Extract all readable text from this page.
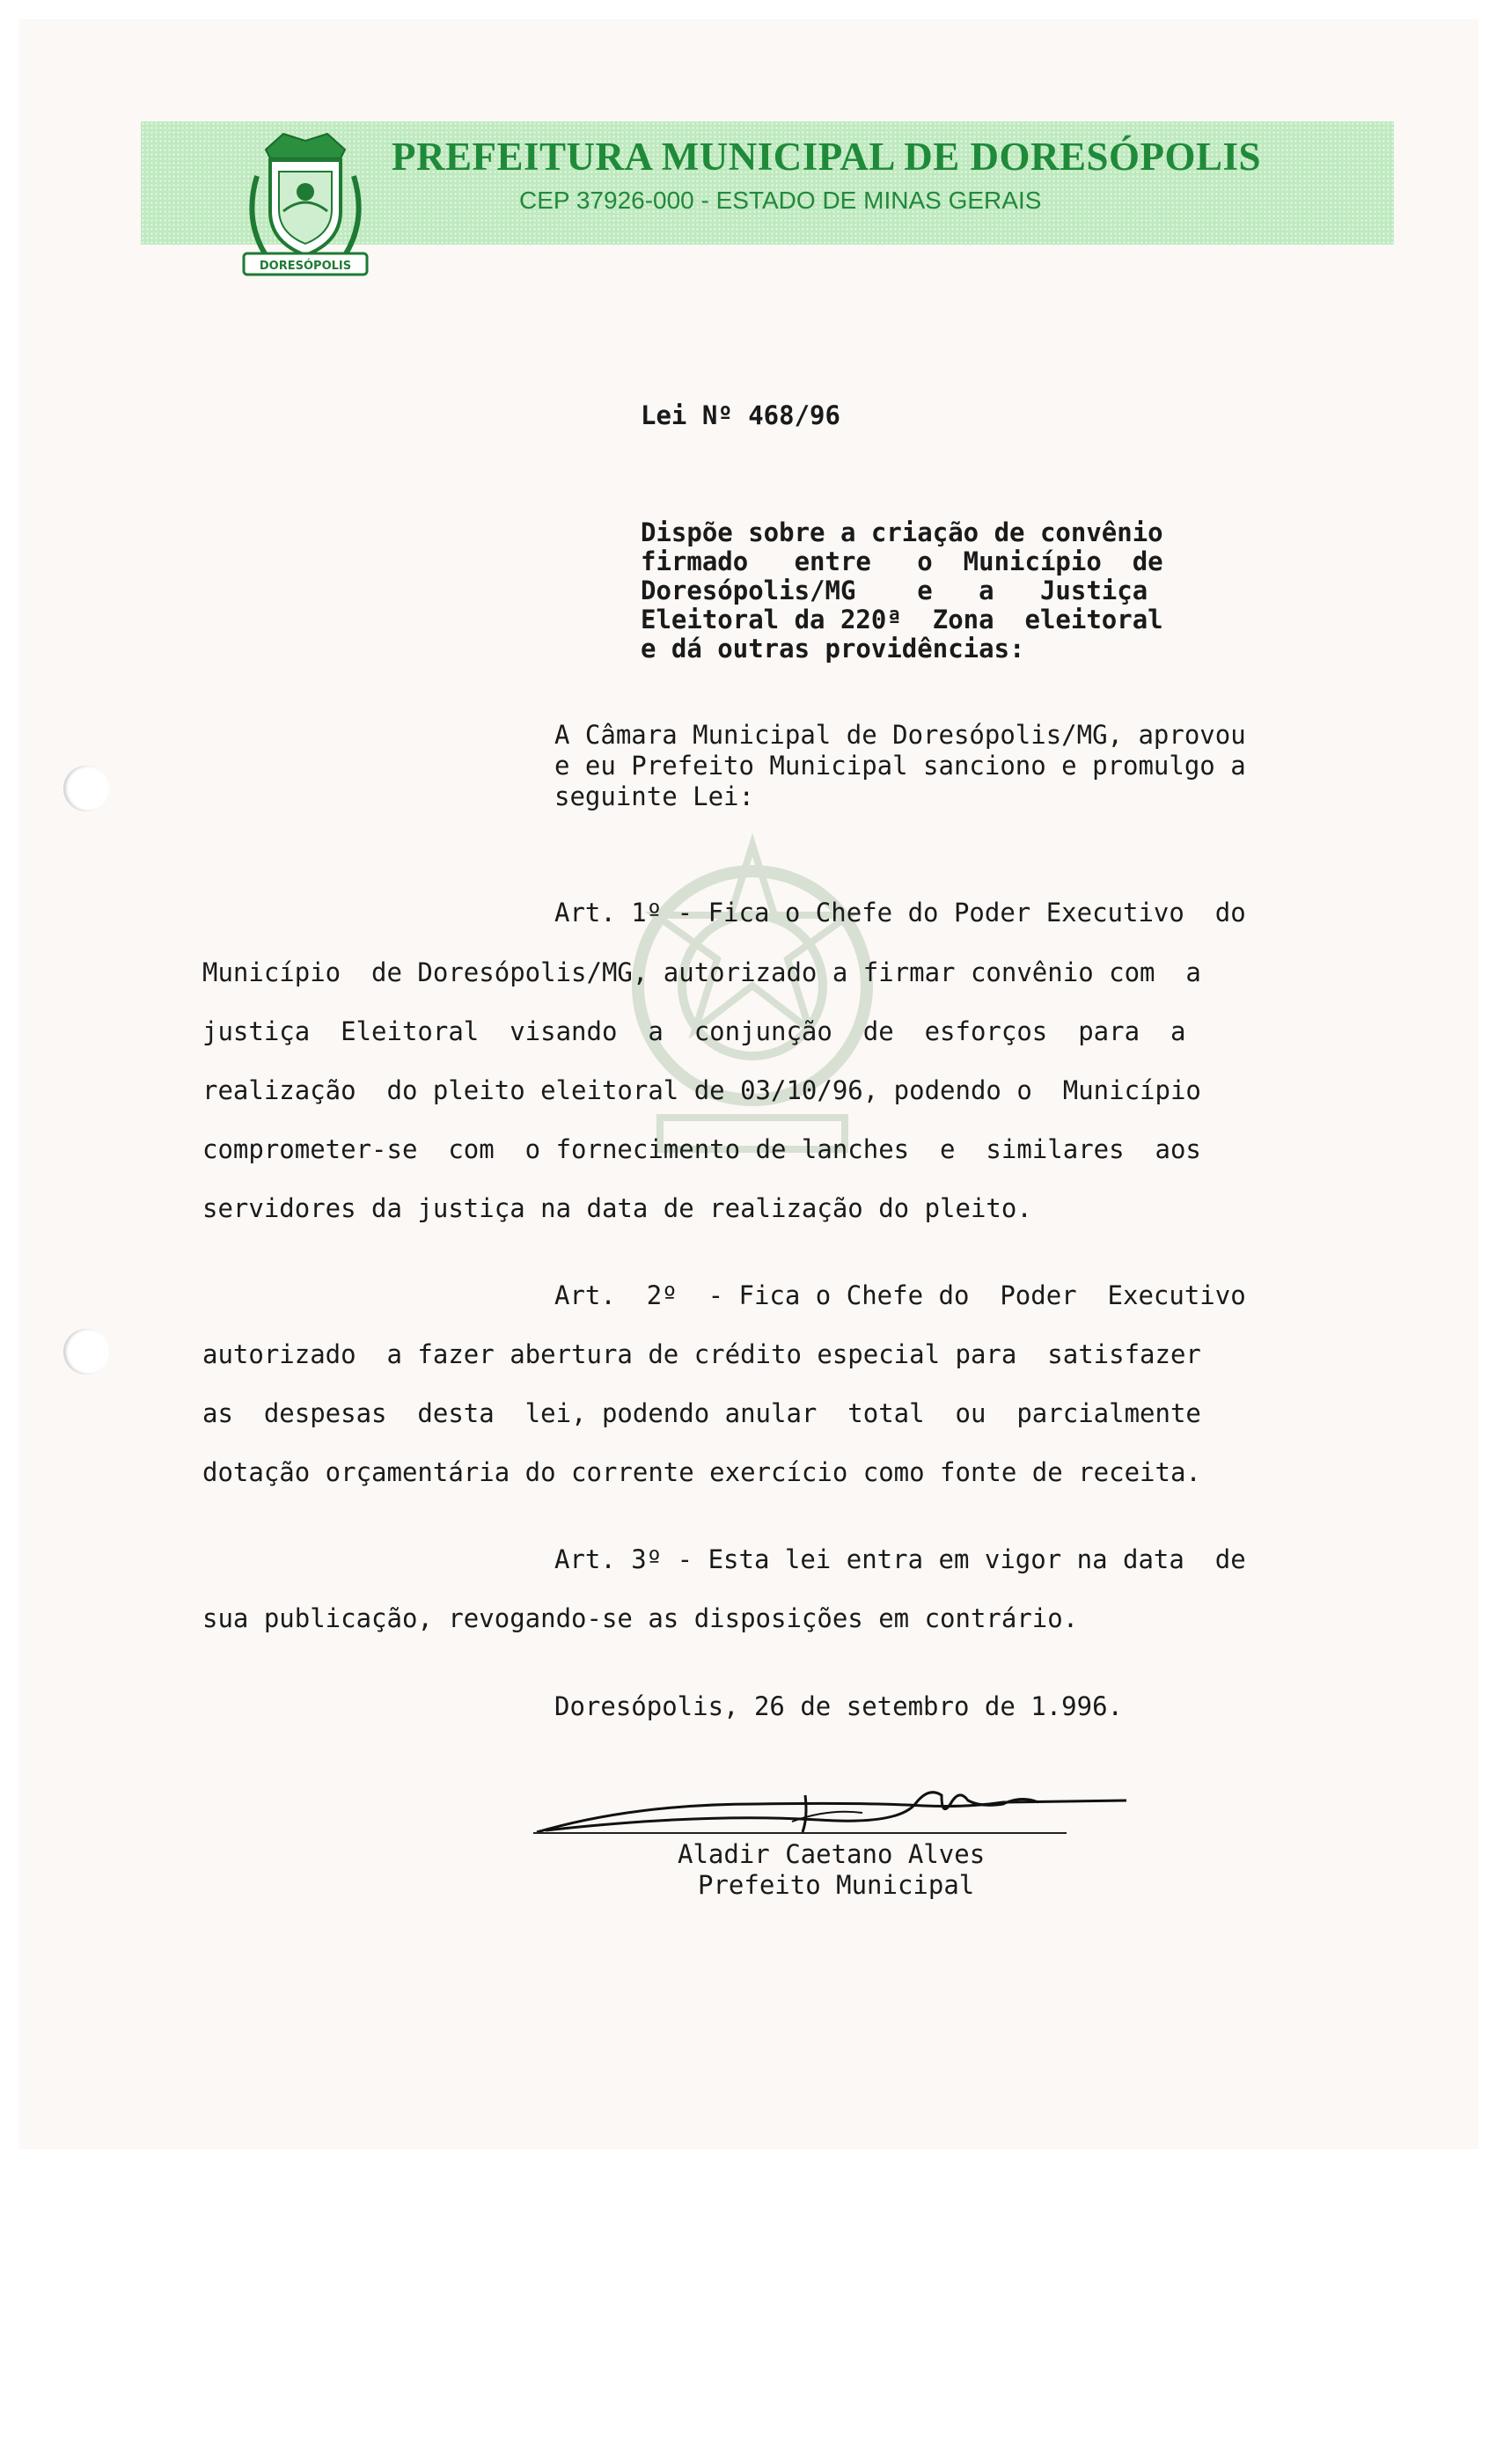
DORESÓPOLIS
PREFEITURA MUNICIPAL DE DORESÓPOLIS
CEP 37926-000 - ESTADO DE MINAS GERAIS

Lei Nº 468/96

Dispõe sobre a criação de convênio

firmado   entre   o  Município  de

Doresópolis/MG    e   a   Justiça

Eleitoral da 220ª  Zona  eleitoral

e dá outras providências:

A Câmara Municipal de Doresópolis/MG, aprovou

e eu Prefeito Municipal sanciono e promulgo a

seguinte Lei:

Art. 1º - Fica o Chefe do Poder Executivo  do

Município  de Doresópolis/MG, autorizado a firmar convênio com  a

justiça  Eleitoral  visando  a  conjunção  de  esforços  para  a

realização  do pleito eleitoral de 03/10/96, podendo o  Município

comprometer-se  com  o fornecimento de lanches  e  similares  aos

servidores da justiça na data de realização do pleito.

Art.  2º  - Fica o Chefe do  Poder  Executivo

autorizado  a fazer abertura de crédito especial para  satisfazer

as  despesas  desta  lei, podendo anular  total  ou  parcialmente

dotação orçamentária do corrente exercício como fonte de receita.

Art. 3º - Esta lei entra em vigor na data  de

sua publicação, revogando-se as disposições em contrário.

Doresópolis, 26 de setembro de 1.996.

Aladir Caetano Alves

Prefeito Municipal
